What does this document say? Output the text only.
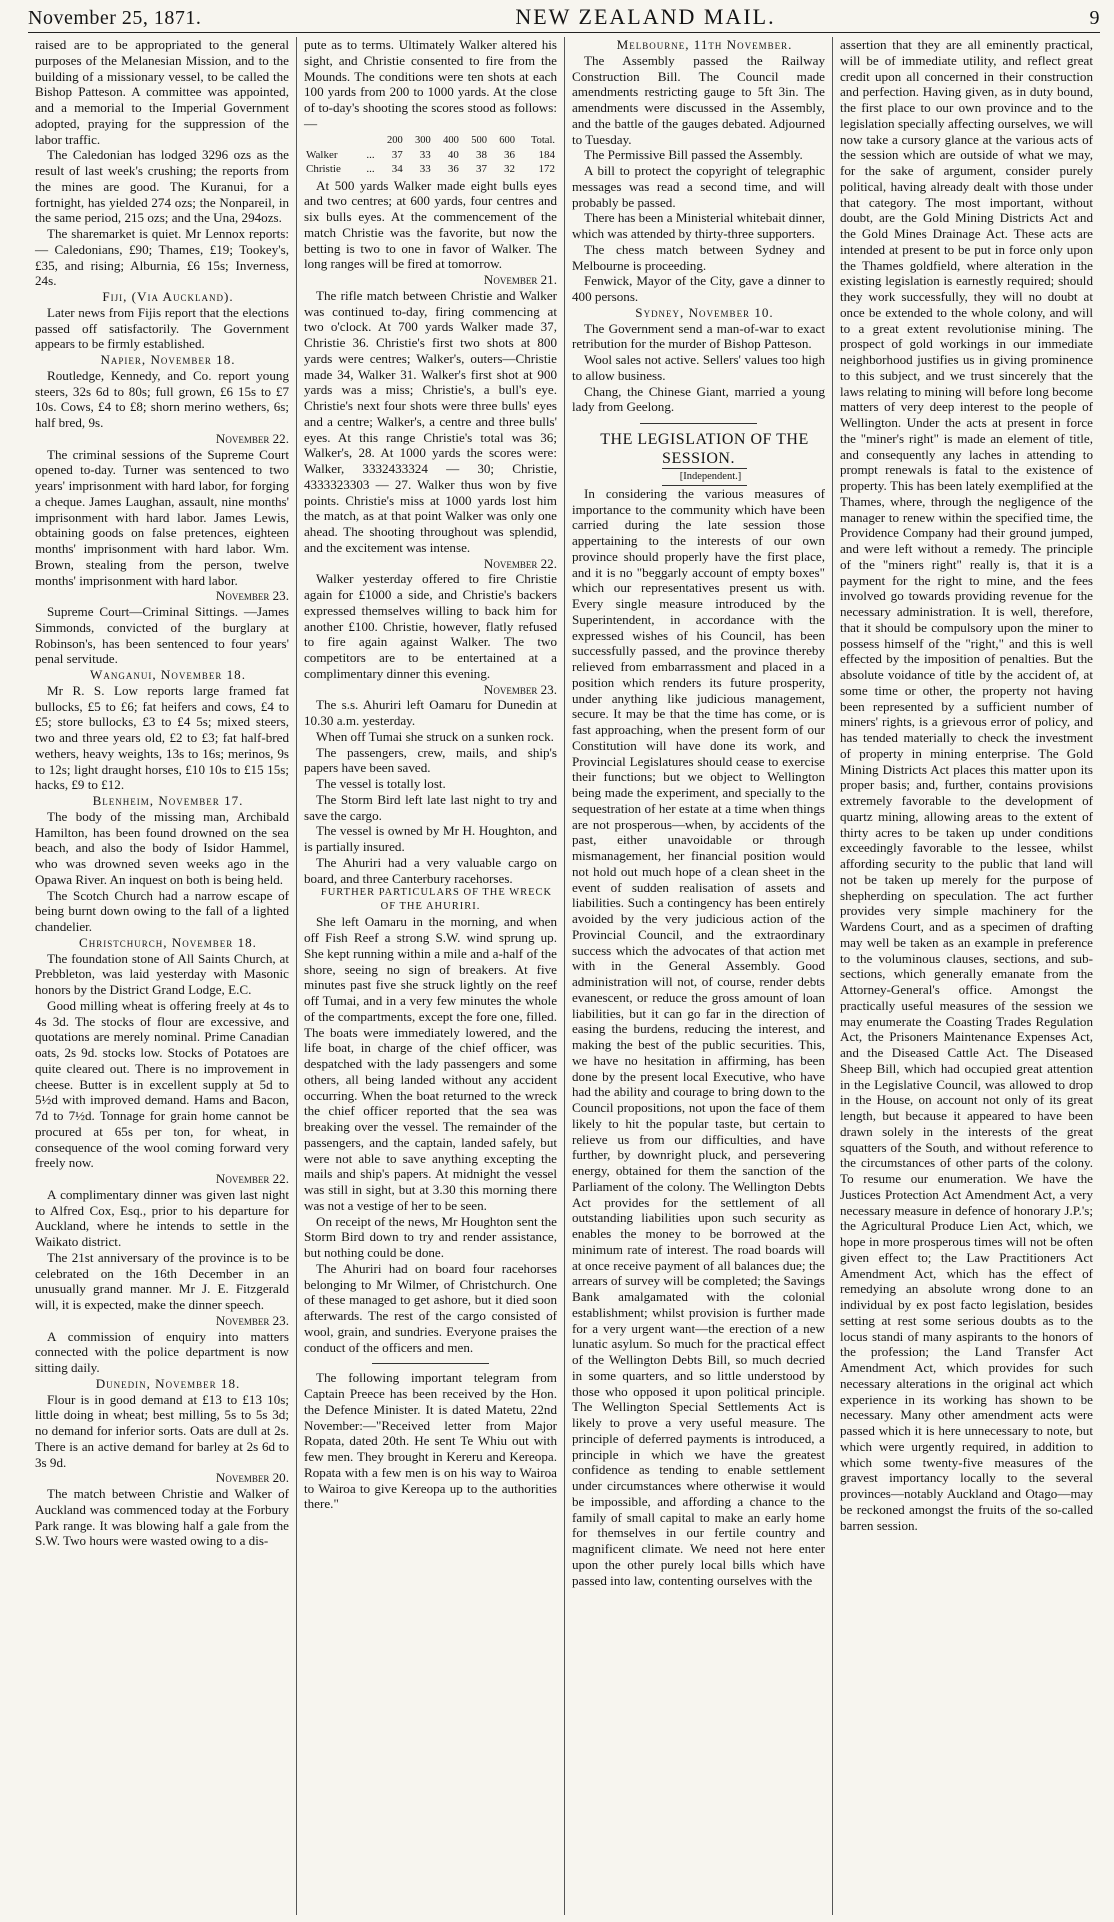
November 25, 1871.	NEW ZEALAND MAIL.	9

raised are to be appropriated to the general purposes of the Melanesian Mission, and to the building of a missionary vessel, to be called the Bishop Patteson. A committee was appointed, and a memorial to the Imperial Government adopted, praying for the suppression of the labor traffic.

The Caledonian has lodged 3296 ozs as the result of last week's crushing; the reports from the mines are good. The Kuranui, for a fortnight, has yielded 274 ozs; the Nonpareil, in the same period, 215 ozs; and the Una, 294ozs.

The sharemarket is quiet. Mr Lennox reports:— Caledonians, £90; Thames, £19; Tookey's, £35, and rising; Alburnia, £6 15s; Inverness, 24s.

Fiji, (Via Auckland).

Later news from Fijis report that the elections passed off satisfactorily. The Government appears to be firmly established.

Napier, November 18.

Routledge, Kennedy, and Co. report young steers, 32s 6d to 80s; full grown, £6 15s to £7 10s. Cows, £4 to £8; shorn merino wethers, 6s; half bred, 9s.

November 22.

The criminal sessions of the Supreme Court opened to-day. Turner was sentenced to two years' imprisonment with hard labor, for forging a cheque. James Laughan, assault, nine months' imprisonment with hard labor. James Lewis, obtaining goods on false pretences, eighteen months' imprisonment with hard labor. Wm. Brown, stealing from the person, twelve months' imprisonment with hard labor.

November 23.

Supreme Court—Criminal Sittings. —James Simmonds, convicted of the burglary at Robinson's, has been sentenced to four years' penal servitude.

Wanganui, November 18.

Mr R. S. Low reports large framed fat bullocks, £5 to £6; fat heifers and cows, £4 to £5; store bullocks, £3 to £4 5s; mixed steers, two and three years old, £2 to £3; fat half-bred wethers, heavy weights, 13s to 16s; merinos, 9s to 12s; light draught horses, £10 10s to £15 15s; hacks, £9 to £12.

Blenheim, November 17.

The body of the missing man, Archibald Hamilton, has been found drowned on the sea beach, and also the body of Isidor Hammel, who was drowned seven weeks ago in the Opawa River. An inquest on both is being held.

The Scotch Church had a narrow escape of being burnt down owing to the fall of a lighted chandelier.

Christchurch, November 18.

The foundation stone of All Saints Church, at Prebbleton, was laid yesterday with Masonic honors by the District Grand Lodge, E.C.

Good milling wheat is offering freely at 4s to 4s 3d. The stocks of flour are excessive, and quotations are merely nominal. Prime Canadian oats, 2s 9d. stocks low. Stocks of Potatoes are quite cleared out. There is no improvement in cheese. Butter is in excellent supply at 5d to 5½d with improved demand. Hams and Bacon, 7d to 7½d. Tonnage for grain home cannot be procured at 65s per ton, for wheat, in consequence of the wool coming forward very freely now.

November 22.

A complimentary dinner was given last night to Alfred Cox, Esq., prior to his departure for Auckland, where he intends to settle in the Waikato district.

The 21st anniversary of the province is to be celebrated on the 16th December in an unusually grand manner. Mr J. E. Fitzgerald will, it is expected, make the dinner speech.

November 23.

A commission of enquiry into matters connected with the police department is now sitting daily.

Dunedin, November 18.

Flour is in good demand at £13 to £13 10s; little doing in wheat; best milling, 5s to 5s 3d; no demand for inferior sorts. Oats are dull at 2s. There is an active demand for barley at 2s 6d to 3s 9d.

November 20.

The match between Christie and Walker of Auckland was commenced today at the Forbury Park range. It was blowing half a gale from the S.W. Two hours were wasted owing to a dis-

pute as to terms. Ultimately Walker altered his sight, and Christie consented to fire from the Mounds. The conditions were ten shots at each 100 yards from 200 to 1000 yards. At the close of to-day's shooting the scores stood as follows:—

		200	300	400	500	600	Total.
Walker	...	37	33	40	38	36	184
Christie	...	34	33	36	37	32	172

At 500 yards Walker made eight bulls eyes and two centres; at 600 yards, four centres and six bulls eyes. At the commencement of the match Christie was the favorite, but now the betting is two to one in favor of Walker. The long ranges will be fired at tomorrow.

November 21.

The rifle match between Christie and Walker was continued to-day, firing commencing at two o'clock. At 700 yards Walker made 37, Christie 36. Christie's first two shots at 800 yards were centres; Walker's, outers—Christie made 34, Walker 31. Walker's first shot at 900 yards was a miss; Christie's, a bull's eye. Christie's next four shots were three bulls' eyes and a centre; Walker's, a centre and three bulls' eyes. At this range Christie's total was 36; Walker's, 28. At 1000 yards the scores were: Walker, 3332433324 — 30; Christie, 4333323303 — 27. Walker thus won by five points. Christie's miss at 1000 yards lost him the match, as at that point Walker was only one ahead. The shooting throughout was splendid, and the excitement was intense.

November 22.

Walker yesterday offered to fire Christie again for £1000 a side, and Christie's backers expressed themselves willing to back him for another £100. Christie, however, flatly refused to fire again against Walker. The two competitors are to be entertained at a complimentary dinner this evening.

November 23.

The s.s. Ahuriri left Oamaru for Dunedin at 10.30 a.m. yesterday.

When off Tumai she struck on a sunken rock.

The passengers, crew, mails, and ship's papers have been saved.

The vessel is totally lost.

The Storm Bird left late last night to try and save the cargo.

The vessel is owned by Mr H. Houghton, and is partially insured.

The Ahuriri had a very valuable cargo on board, and three Canterbury racehorses.

FURTHER PARTICULARS OF THE WRECK OF THE AHURIRI.

She left Oamaru in the morning, and when off Fish Reef a strong S.W. wind sprung up. She kept running within a mile and a-half of the shore, seeing no sign of breakers. At five minutes past five she struck lightly on the reef off Tumai, and in a very few minutes the whole of the compartments, except the fore one, filled. The boats were immediately lowered, and the life boat, in charge of the chief officer, was despatched with the lady passengers and some others, all being landed without any accident occurring. When the boat returned to the wreck the chief officer reported that the sea was breaking over the vessel. The remainder of the passengers, and the captain, landed safely, but were not able to save anything excepting the mails and ship's papers. At midnight the vessel was still in sight, but at 3.30 this morning there was not a vestige of her to be seen.

On receipt of the news, Mr Houghton sent the Storm Bird down to try and render assistance, but nothing could be done.

The Ahuriri had on board four racehorses belonging to Mr Wilmer, of Christchurch. One of these managed to get ashore, but it died soon afterwards. The rest of the cargo consisted of wool, grain, and sundries. Everyone praises the conduct of the officers and men.

The following important telegram from Captain Preece has been received by the Hon. the Defence Minister. It is dated Matetu, 22nd November:—"Received letter from Major Ropata, dated 20th. He sent Te Whiu out with few men. They brought in Kereru and Kereopa. Ropata with a few men is on his way to Wairoa to Wairoa to give Kereopa up to the authorities there."

Melbourne, 11th November.

The Assembly passed the Railway Construction Bill. The Council made amendments restricting gauge to 5ft 3in. The amendments were discussed in the Assembly, and the battle of the gauges debated. Adjourned to Tuesday.

The Permissive Bill passed the Assembly.

A bill to protect the copyright of telegraphic messages was read a second time, and will probably be passed.

There has been a Ministerial whitebait dinner, which was attended by thirty-three supporters.

The chess match between Sydney and Melbourne is proceeding.

Fenwick, Mayor of the City, gave a dinner to 400 persons.

Sydney, November 10.

The Government send a man-of-war to exact retribution for the murder of Bishop Patteson.

Wool sales not active. Sellers' values too high to allow business.

Chang, the Chinese Giant, married a young lady from Geelong.

THE LEGISLATION OF THE SESSION.

[Independent.]

In considering the various measures of importance to the community which have been carried during the late session those appertaining to the interests of our own province should properly have the first place, and it is no "beggarly account of empty boxes" which our representatives present us with. Every single measure introduced by the Superintendent, in accordance with the expressed wishes of his Council, has been successfully passed, and the province thereby relieved from embarrassment and placed in a position which renders its future prosperity, under anything like judicious management, secure. It may be that the time has come, or is fast approaching, when the present form of our Constitution will have done its work, and Provincial Legislatures should cease to exercise their functions; but we object to Wellington being made the experiment, and specially to the sequestration of her estate at a time when things are not prosperous—when, by accidents of the past, either unavoidable or through mismanagement, her financial position would not hold out much hope of a clean sheet in the event of sudden realisation of assets and liabilities. Such a contingency has been entirely avoided by the very judicious action of the Provincial Council, and the extraordinary success which the advocates of that action met with in the General Assembly. Good administration will not, of course, render debts evanescent, or reduce the gross amount of loan liabilities, but it can go far in the direction of easing the burdens, reducing the interest, and making the best of the public securities. This, we have no hesitation in affirming, has been done by the present local Executive, who have had the ability and courage to bring down to the Council propositions, not upon the face of them likely to hit the popular taste, but certain to relieve us from our difficulties, and have further, by downright pluck, and persevering energy, obtained for them the sanction of the Parliament of the colony. The Wellington Debts Act provides for the settlement of all outstanding liabilities upon such security as enables the money to be borrowed at the minimum rate of interest. The road boards will at once receive payment of all balances due; the arrears of survey will be completed; the Savings Bank amalgamated with the colonial establishment; whilst provision is further made for a very urgent want—the erection of a new lunatic asylum. So much for the practical effect of the Wellington Debts Bill, so much decried in some quarters, and so little understood by those who opposed it upon political principle. The Wellington Special Settlements Act is likely to prove a very useful measure. The principle of deferred payments is introduced, a principle in which we have the greatest confidence as tending to enable settlement under circumstances where otherwise it would be impossible, and affording a chance to the family of small capital to make an early home for themselves in our fertile country and magnificent climate. We need not here enter upon the other purely local bills which have passed into law, contenting ourselves with the

assertion that they are all eminently practical, will be of immediate utility, and reflect great credit upon all concerned in their construction and perfection. Having given, as in duty bound, the first place to our own province and to the legislation specially affecting ourselves, we will now take a cursory glance at the various acts of the session which are outside of what we may, for the sake of argument, consider purely political, having already dealt with those under that category. The most important, without doubt, are the Gold Mining Districts Act and the Gold Mines Drainage Act. These acts are intended at present to be put in force only upon the Thames goldfield, where alteration in the existing legislation is earnestly required; should they work successfully, they will no doubt at once be extended to the whole colony, and will to a great extent revolutionise mining. The prospect of gold workings in our immediate neighborhood justifies us in giving prominence to this subject, and we trust sincerely that the laws relating to mining will before long become matters of very deep interest to the people of Wellington. Under the acts at present in force the "miner's right" is made an element of title, and consequently any laches in attending to prompt renewals is fatal to the existence of property. This has been lately exemplified at the Thames, where, through the negligence of the manager to renew within the specified time, the Providence Company had their ground jumped, and were left without a remedy. The principle of the "miners right" really is, that it is a payment for the right to mine, and the fees involved go towards providing revenue for the necessary administration. It is well, therefore, that it should be compulsory upon the miner to possess himself of the "right," and this is well effected by the imposition of penalties. But the absolute voidance of title by the accident of, at some time or other, the property not having been represented by a sufficient number of miners' rights, is a grievous error of policy, and has tended materially to check the investment of property in mining enterprise. The Gold Mining Districts Act places this matter upon its proper basis; and, further, contains provisions extremely favorable to the development of quartz mining, allowing areas to the extent of thirty acres to be taken up under conditions exceedingly favorable to the lessee, whilst affording security to the public that land will not be taken up merely for the purpose of shepherding on speculation. The act further provides very simple machinery for the Wardens Court, and as a specimen of drafting may well be taken as an example in preference to the voluminous clauses, sections, and sub-sections, which generally emanate from the Attorney-General's office. Amongst the practically useful measures of the session we may enumerate the Coasting Trades Regulation Act, the Prisoners Maintenance Expenses Act, and the Diseased Cattle Act. The Diseased Sheep Bill, which had occupied great attention in the Legislative Council, was allowed to drop in the House, on account not only of its great length, but because it appeared to have been drawn solely in the interests of the great squatters of the South, and without reference to the circumstances of other parts of the colony. To resume our enumeration. We have the Justices Protection Act Amendment Act, a very necessary measure in defence of honorary J.P.'s; the Agricultural Produce Lien Act, which, we hope in more prosperous times will not be often given effect to; the Law Practitioners Act Amendment Act, which has the effect of remedying an absolute wrong done to an individual by ex post facto legislation, besides setting at rest some serious doubts as to the locus standi of many aspirants to the honors of the profession; the Land Transfer Act Amendment Act, which provides for such necessary alterations in the original act which experience in its working has shown to be necessary. Many other amendment acts were passed which it is here unnecessary to note, but which were urgently required, in addition to which some twenty-five measures of the gravest importancy locally to the several provinces—notably Auckland and Otago—may be reckoned amongst the fruits of the so-called barren session.
